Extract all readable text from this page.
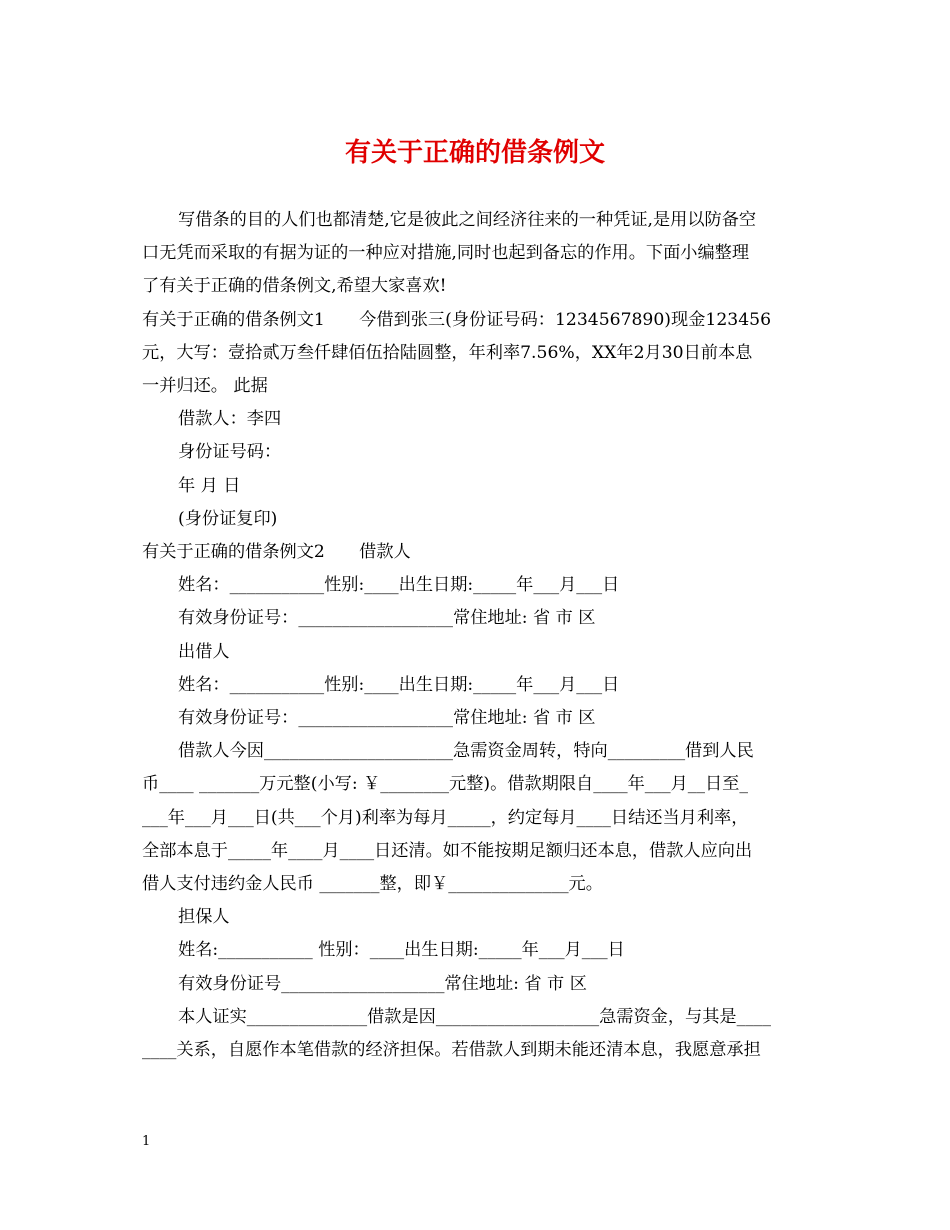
有关于正确的借条例文

写借条的目的人们也都清楚,它是彼此之间经济往来的一种凭证,是用以防备空

口无凭而采取的有据为证的一种应对措施,同时也起到备忘的作用。下面小编整理

了有关于正确的借条例文,希望大家喜欢!

有关于正确的借条例文1　　今借到张三(身份证号码：1234567890)现金123456

元，大写：壹拾贰万叁仟肆佰伍拾陆圆整，年利率7.56%，XX年2月30日前本息

一并归还。 此据

借款人：李四

身份证号码：

年 月 日

(身份证复印)

有关于正确的借条例文2　　借款人

姓名：___________性别:____出生日期:_____年___月___日

有效身份证号：__________________常住地址: 省 市 区

出借人

姓名：___________性别:____出生日期:_____年___月___日

有效身份证号：__________________常住地址: 省 市 区

借款人今因______________________急需资金周转，特向_________借到人民

币____ _______万元整(小写: ￥________元整)。借款期限自____年___月__日至_

___年___月___日(共___个月)利率为每月_____，约定每月____日结还当月利率，

全部本息于_____年____月____日还清。如不能按期足额归还本息，借款人应向出

借人支付违约金人民币 _______整，即￥______________元。

担保人

姓名:___________ 性别：____出生日期:_____年___月___日

有效身份证号___________________常住地址: 省 市 区

本人证实______________借款是因___________________急需资金，与其是____

____关系，自愿作本笔借款的经济担保。若借款人到期未能还清本息，我愿意承担

1
